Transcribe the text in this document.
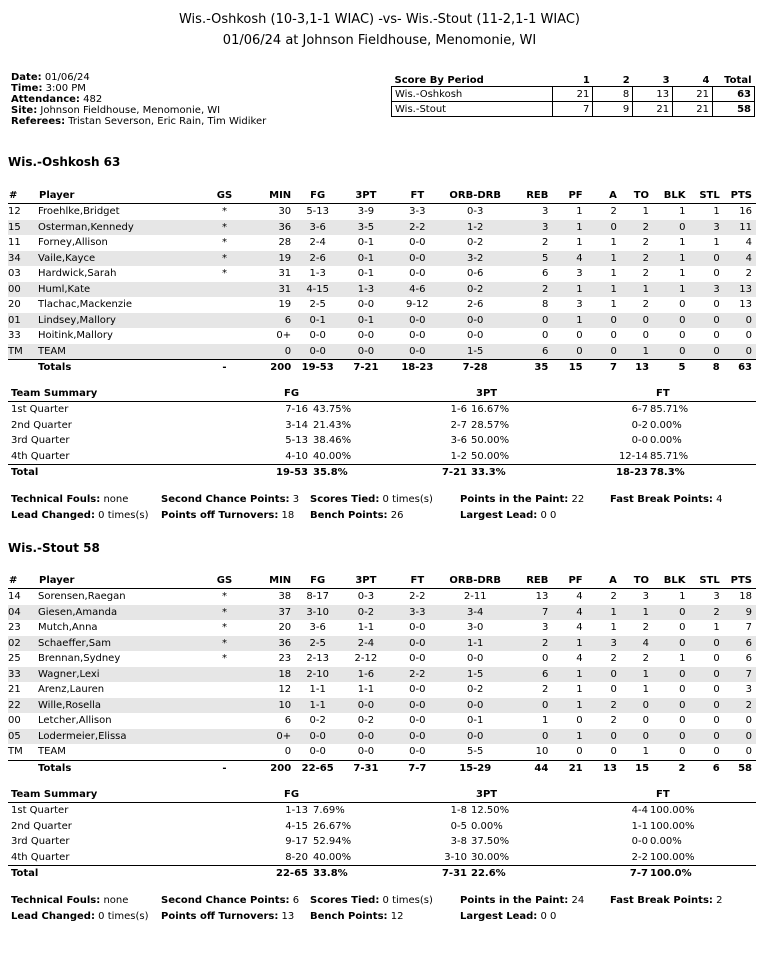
Wis.-Oshkosh (10-3,1-1 WIAC) -vs- Wis.-Stout (11-2,1-1 WIAC)
01/06/24 at Johnson Fieldhouse, Menomonie, WI
Date: 01/06/24
Time: 3:00 PM
Attendance: 482
Site: Johnson Fieldhouse, Menomonie, WI
Referees: Tristan Severson, Eric Rain, Tim Widiker
Score By Period	1	2	3	4	Total
Wis.-Oshkosh	21	8	13	21	63
Wis.-Stout	7	9	21	21	58
Wis.-Oshkosh 63
#	Player	GS	MIN	FG	3PT	FT	ORB-DRB	REB	PF	A	TO	BLK	STL	PTS
12	Froehlke,Bridget	*	30	5-13	3-9	3-3	0-3	3	1	2	1	1	1	16
15	Osterman,Kennedy	*	36	3-6	3-5	2-2	1-2	3	1	0	2	0	3	11
11	Forney,Allison	*	28	2-4	0-1	0-0	0-2	2	1	1	2	1	1	4
34	Vaile,Kayce	*	19	2-6	0-1	0-0	3-2	5	4	1	2	1	0	4
03	Hardwick,Sarah	*	31	1-3	0-1	0-0	0-6	6	3	1	2	1	0	2
00	Huml,Kate		31	4-15	1-3	4-6	0-2	2	1	1	1	1	3	13
20	Tlachac,Mackenzie		19	2-5	0-0	9-12	2-6	8	3	1	2	0	0	13
01	Lindsey,Mallory		6	0-1	0-1	0-0	0-0	0	1	0	0	0	0	0
33	Hoitink,Mallory		0+	0-0	0-0	0-0	0-0	0	0	0	0	0	0	0
TM	TEAM		0	0-0	0-0	0-0	1-5	6	0	0	1	0	0	0
	Totals	-	200	19-53	7-21	18-23	7-28	35	15	7	13	5	8	63
Team Summary	FG	3PT	FT
1st Quarter	7-16 43.75%	1-6 16.67%	6-7 85.71%
2nd Quarter	3-14 21.43%	2-7 28.57%	0-2 0.00%
3rd Quarter	5-13 38.46%	3-6 50.00%	0-0 0.00%
4th Quarter	4-10 40.00%	1-2 50.00%	12-14 85.71%
Total	19-53 35.8%	7-21 33.3%	18-23 78.3%
Technical Fouls: none	Second Chance Points: 3 Scores Tied: 0 times(s)	Points in the Paint: 22	Fast Break Points: 4
Lead Changed: 0 times(s) Points off Turnovers: 18 Bench Points: 26	Largest Lead: 0 0
Wis.-Stout 58
#	Player	GS	MIN	FG	3PT	FT	ORB-DRB	REB	PF	A	TO	BLK	STL	PTS
14	Sorensen,Raegan	*	38	8-17	0-3	2-2	2-11	13	4	2	3	1	3	18
04	Giesen,Amanda	*	37	3-10	0-2	3-3	3-4	7	4	1	1	0	2	9
23	Mutch,Anna	*	20	3-6	1-1	0-0	3-0	3	4	1	2	0	1	7
02	Schaeffer,Sam	*	36	2-5	2-4	0-0	1-1	2	1	3	4	0	0	6
25	Brennan,Sydney	*	23	2-13	2-12	0-0	0-0	0	4	2	2	1	0	6
33	Wagner,Lexi		18	2-10	1-6	2-2	1-5	6	1	0	1	0	0	7
21	Arenz,Lauren		12	1-1	1-1	0-0	0-2	2	1	0	1	0	0	3
22	Wille,Rosella		10	1-1	0-0	0-0	0-0	0	1	2	0	0	0	2
00	Letcher,Allison		6	0-2	0-2	0-0	0-1	1	0	2	0	0	0	0
05	Lodermeier,Elissa		0+	0-0	0-0	0-0	0-0	0	1	0	0	0	0	0
TM	TEAM		0	0-0	0-0	0-0	5-5	10	0	0	1	0	0	0
	Totals	-	200	22-65	7-31	7-7	15-29	44	21	13	15	2	6	58
Team Summary	FG	3PT	FT
1st Quarter	1-13 7.69%	1-8 12.50%	4-4 100.00%
2nd Quarter	4-15 26.67%	0-5 0.00%	1-1 100.00%
3rd Quarter	9-17 52.94%	3-8 37.50%	0-0 0.00%
4th Quarter	8-20 40.00%	3-10 30.00%	2-2 100.00%
Total	22-65 33.8%	7-31 22.6%	7-7 100.0%
Technical Fouls: none	Second Chance Points: 6 Scores Tied: 0 times(s)	Points in the Paint: 24	Fast Break Points: 2
Lead Changed: 0 times(s) Points off Turnovers: 13 Bench Points: 12	Largest Lead: 0 0
